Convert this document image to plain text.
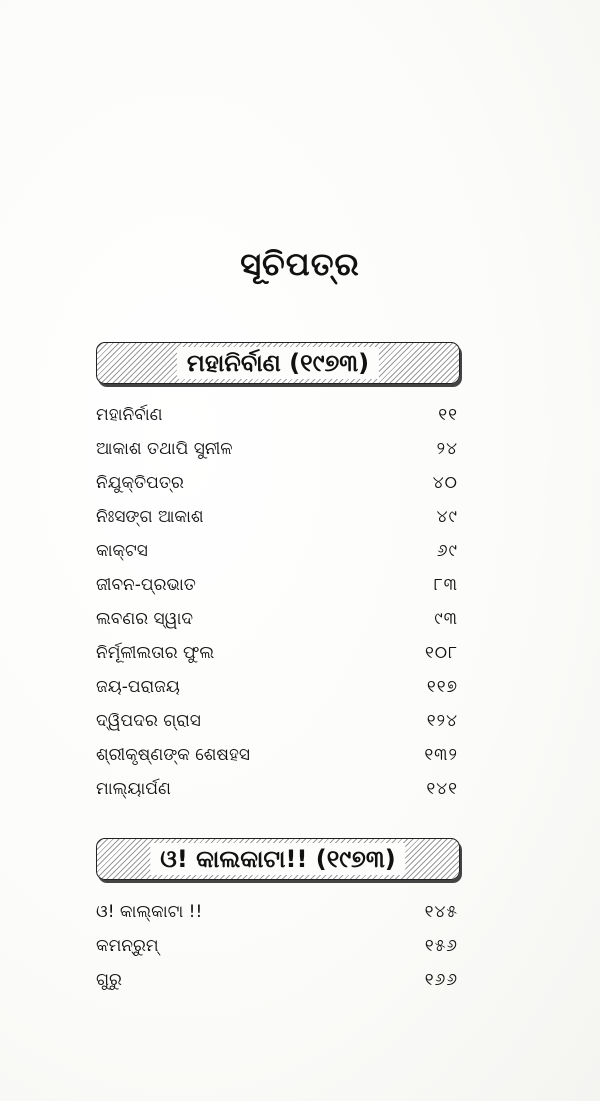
ସୂଚିପତ୍ର
ମହାନିର୍ବାଣ (୧୯୭୩)
ମହାନିର୍ବାଣ	୧୧
ଆକାଶ ତଥାପି ସୁନୀଳ	୨୪
ନିଯୁକ୍ତିପତ୍ର	୪୦
ନିଃସଙ୍ଗ ଆକାଶ	୪୯
କାକ୍‌ଟସ	୬୯
ଜୀବନ-ପ୍ରଭାତ	୮୩
ଲବଣର ସ୍ୱାଦ	୯୩
ନିର୍ମୂଳୀଲତାର ଫୁଲ	୧୦୮
ଜୟ-ପରାଜୟ	୧୧୭
ଦ୍ୱିପଦର ଗ୍ରାସ	୧୨୪
ଶ୍ରୀକୃଷ୍ଣଙ୍କ ଶେଷହସ	୧୩୨
ମାଲ୍ୟାର୍ପଣ	୧୪୧
ଓ! କାଲକାଟା!! (୧୯୭୩)
ଓ! କାଲ୍‌କାଟା !!	୧୪୫
କମନ୍‌ରୁମ୍‌	୧୫୬
ଗୁରୁ	୧୬୬
